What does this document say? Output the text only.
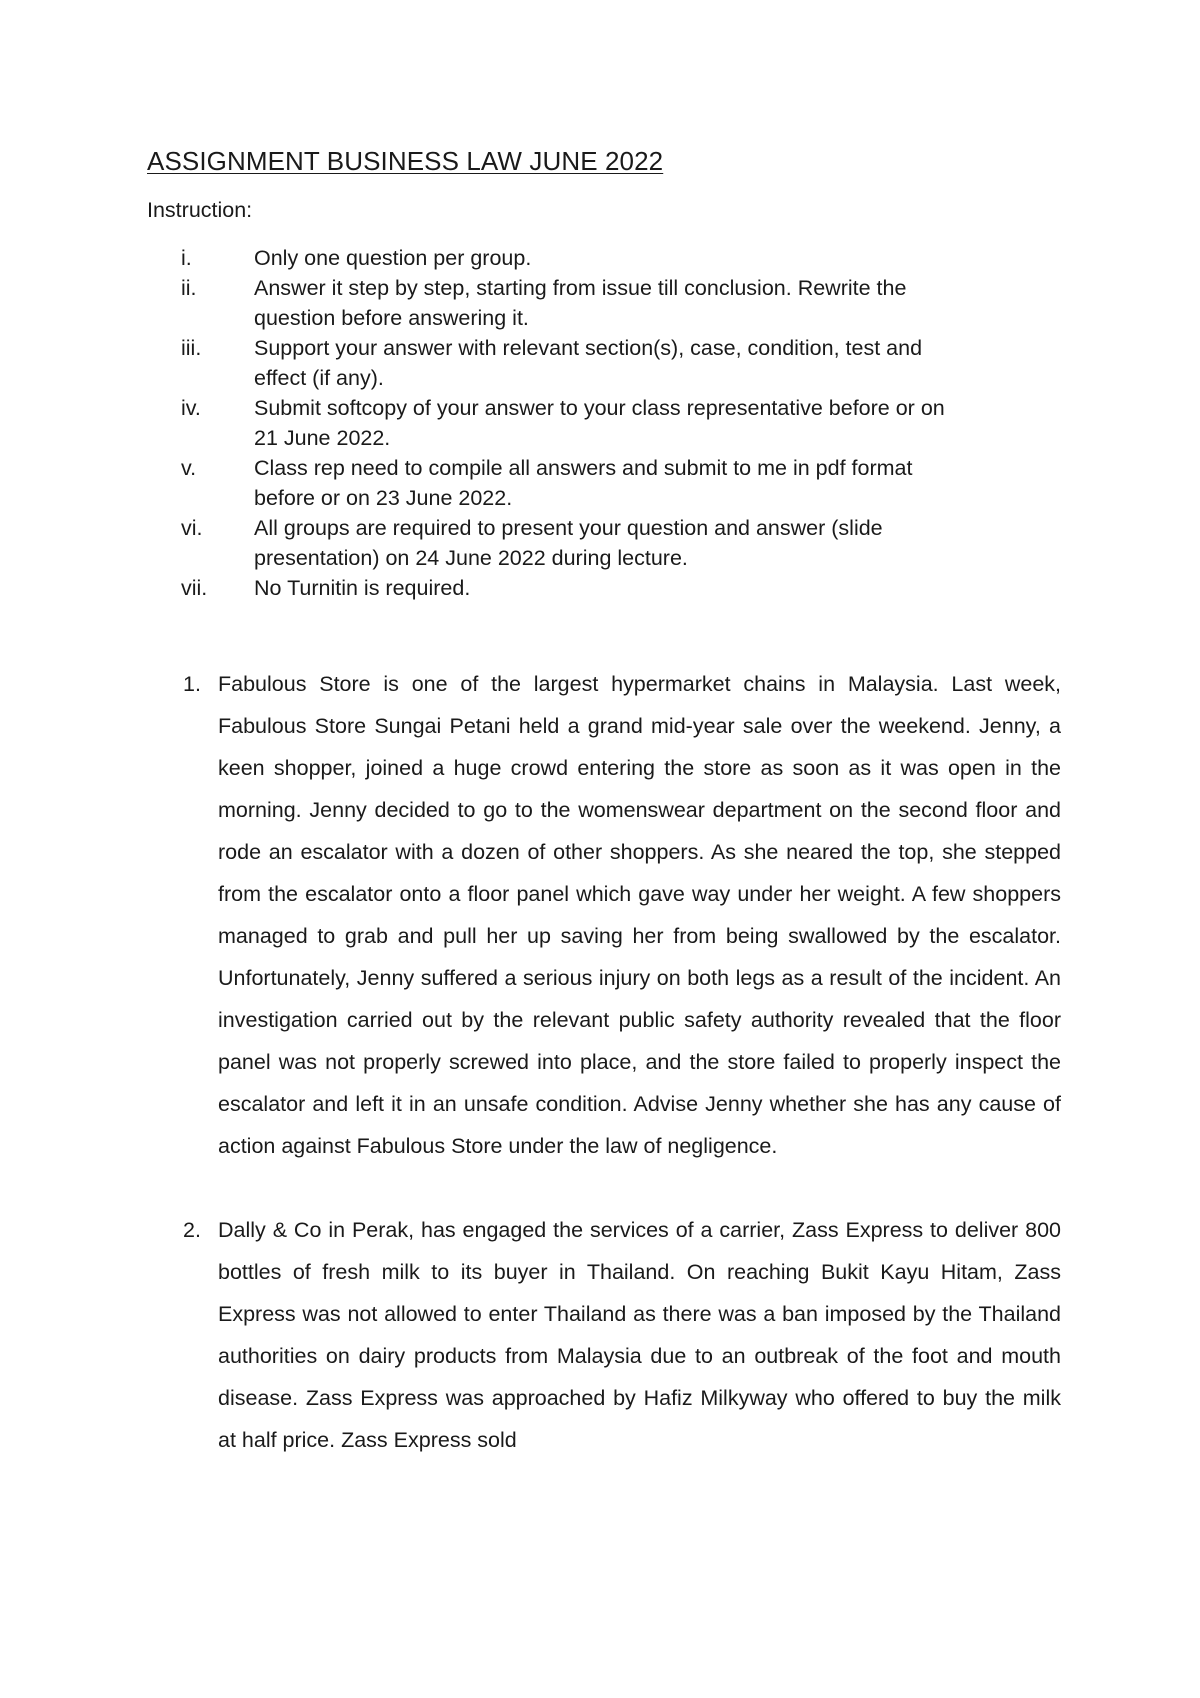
ASSIGNMENT BUSINESS LAW JUNE 2022
Instruction:
i.	Only one question per group.
ii.	Answer it step by step, starting from issue till conclusion. Rewrite the
question before answering it.
iii.	Support your answer with relevant section(s), case, condition, test and
effect (if any).
iv.	Submit softcopy of your answer to your class representative before or on
21 June 2022.
v.	Class rep need to compile all answers and submit to me in pdf format
before or on 23 June 2022.
vi.	All groups are required to present your question and answer (slide
presentation) on 24 June 2022 during lecture.
vii.	No Turnitin is required.
1. Fabulous Store is one of the largest hypermarket chains in Malaysia. Last week, Fabulous Store Sungai Petani held a grand mid-year sale over the weekend. Jenny, a keen shopper, joined a huge crowd entering the store as soon as it was open in the morning. Jenny decided to go to the womenswear department on the second floor and rode an escalator with a dozen of other shoppers. As she neared the top, she stepped from the escalator onto a floor panel which gave way under her weight. A few shoppers managed to grab and pull her up saving her from being swallowed by the escalator. Unfortunately, Jenny suffered a serious injury on both legs as a result of the incident. An investigation carried out by the relevant public safety authority revealed that the floor panel was not properly screwed into place, and the store failed to properly inspect the escalator and left it in an unsafe condition. Advise Jenny whether she has any cause of action against Fabulous Store under the law of negligence.
2. Dally & Co in Perak, has engaged the services of a carrier, Zass Express to deliver 800 bottles of fresh milk to its buyer in Thailand. On reaching Bukit Kayu Hitam, Zass Express was not allowed to enter Thailand as there was a ban imposed by the Thailand authorities on dairy products from Malaysia due to an outbreak of the foot and mouth disease. Zass Express was approached by Hafiz Milkyway who offered to buy the milk at half price. Zass Express sold
